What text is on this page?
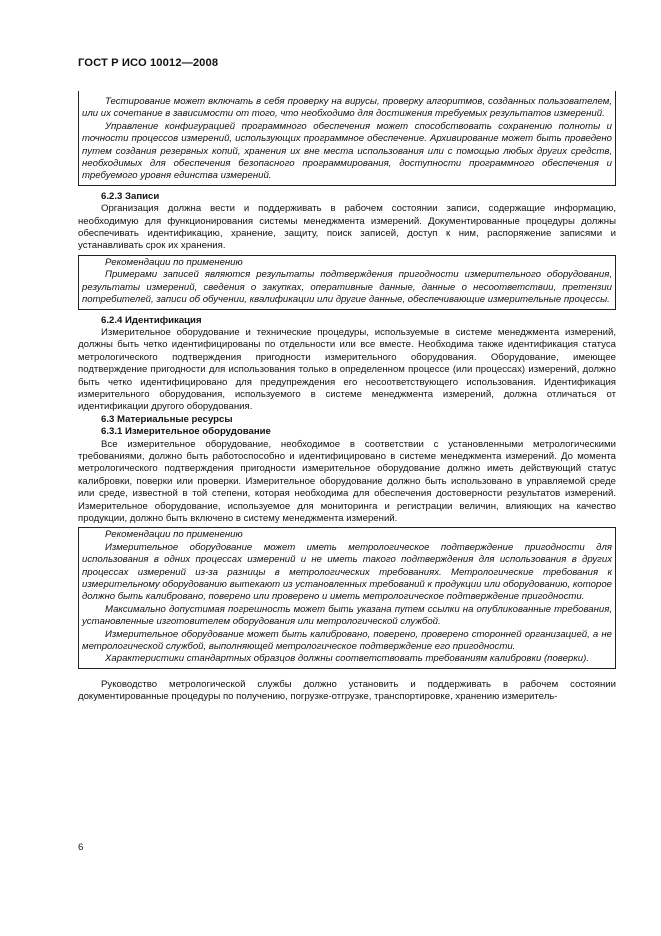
ГОСТ Р ИСО 10012—2008

Тестирование может включать в себя проверку на вирусы, проверку алгоритмов, созданных пользователем, или их сочетание в зависимости от того, что необходимо для достижения требуемых результатов измерений.

Управление конфигурацией программного обеспечения может способствовать сохранению полноты и точности процессов измерений, использующих программное обеспечение. Архивирование может быть проведено путем создания резервных копий, хранения их вне места использования или с помощью любых других средств, необходимых для обеспечения безопасного программирования, доступности программного обеспечения и требуемого уровня единства измерений.

6.2.3 Записи

Организация должна вести и поддерживать в рабочем состоянии записи, содержащие информацию, необходимую для функционирования системы менеджмента измерений. Документированные процедуры должны обеспечивать идентификацию, хранение, защиту, поиск записей, доступ к ним, распоряжение записями и устанавливать срок их хранения.

Рекомендации по применению

Примерами записей являются результаты подтверждения пригодности измерительного оборудования, результаты измерений, сведения о закупках, оперативные данные, данные о несоответствии, претензии потребителей, записи об обучении, квалификации или другие данные, обеспечивающие измерительные процессы.

6.2.4 Идентификация

Измерительное оборудование и технические процедуры, используемые в системе менеджмента измерений, должны быть четко идентифицированы по отдельности или все вместе. Необходима также идентификация статуса метрологического подтверждения пригодности измерительного оборудования. Оборудование, имеющее подтверждение пригодности для использования только в определенном процессе (или процессах) измерений, должно быть четко идентифицировано для предупреждения его несоответствующего использования. Идентификация измерительного оборудования, используемого в системе менеджмента измерений, должна отличаться от идентификации другого оборудования.

6.3 Материальные ресурсы
6.3.1 Измерительное оборудование

Все измерительное оборудование, необходимое в соответствии с установленными метрологическими требованиями, должно быть работоспособно и идентифицировано в системе менеджмента измерений. До момента метрологического подтверждения пригодности измерительное оборудование должно иметь действующий статус калибровки, поверки или проверки. Измерительное оборудование должно быть использовано в управляемой среде или среде, известной в той степени, которая необходима для обеспечения достоверности результатов измерений. Измерительное оборудование, используемое для мониторинга и регистрации величин, влияющих на качество продукции, должно быть включено в систему менеджмента измерений.

Рекомендации по применению

Измерительное оборудование может иметь метрологическое подтверждение пригодности для использования в одних процессах измерений и не иметь такого подтверждения для использования в других процессах измерений из-за разницы в метрологических требованиях. Метрологические требования к измерительному оборудованию вытекают из установленных требований к продукции или оборудованию, которое должно быть калибровано, поверено или проверено и иметь метрологическое подтверждение пригодности.

Максимально допустимая погрешность может быть указана путем ссылки на опубликованные требования, установленные изготовителем оборудования или метрологической службой.

Измерительное оборудование может быть калибровано, поверено, проверено сторонней организацией, а не метрологической службой, выполняющей метрологическое подтверждение его пригодности.

Характеристики стандартных образцов должны соответствовать требованиям калибровки (поверки).

Руководство метрологической службы должно установить и поддерживать в рабочем состоянии документированные процедуры по получению, погрузке-отгрузке, транспортировке, хранению измеритель-

6
